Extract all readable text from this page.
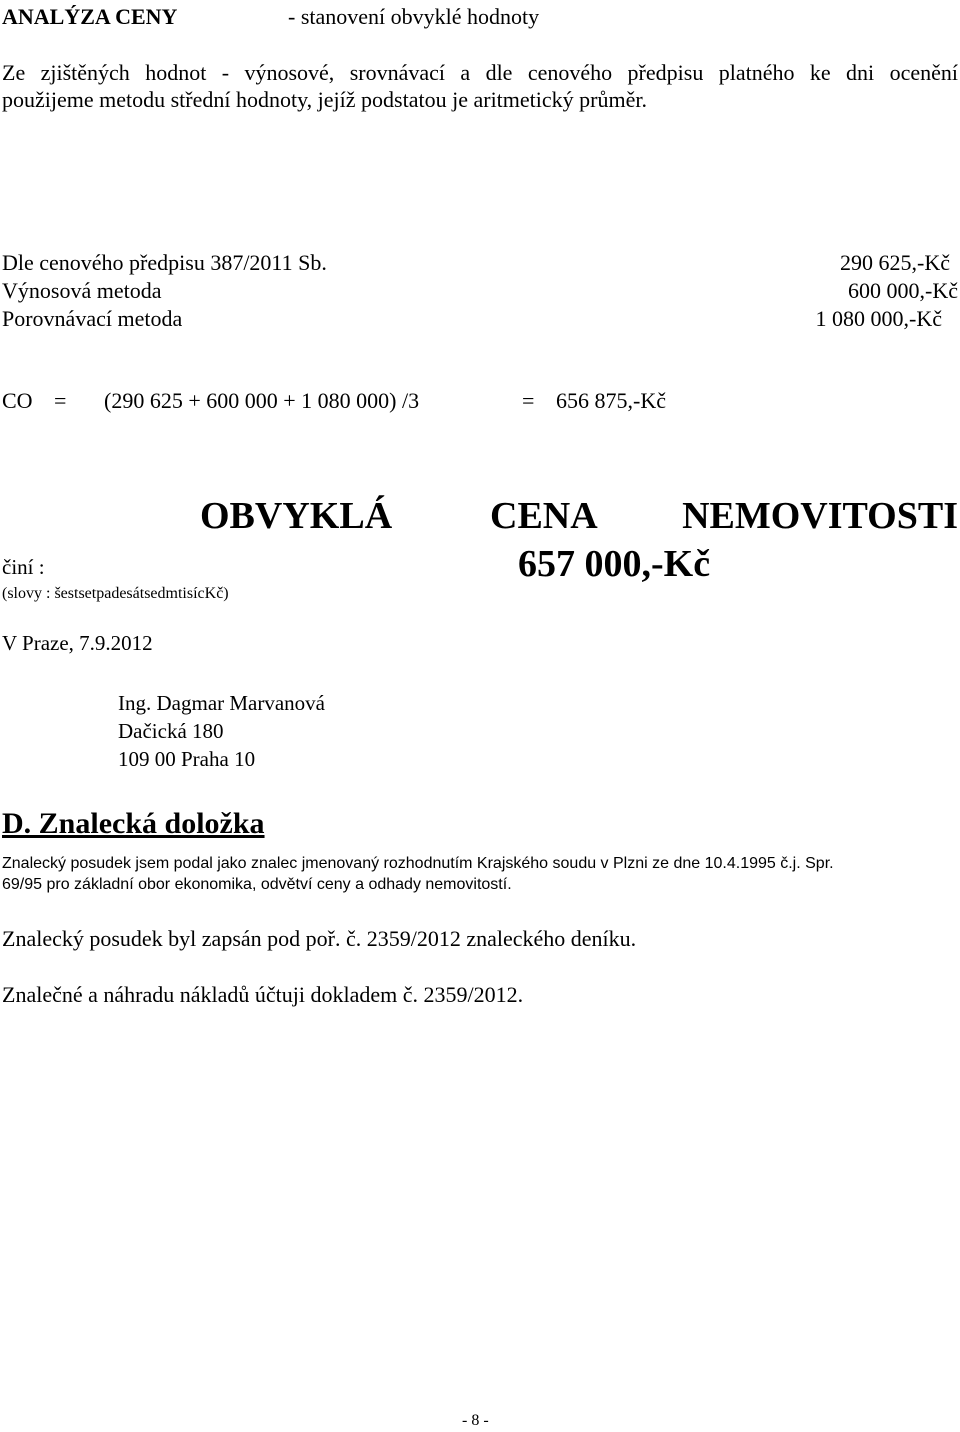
ANALÝZA CENY	- stanovení obvyklé hodnoty
Ze zjištěných hodnot - výnosové, srovnávací a dle cenového předpisu platného ke dni ocenění
použijeme metodu střední hodnoty, jejíž podstatou je aritmetický průměr.
Dle cenového předpisu 387/2011 Sb.	290 625,-Kč
Výnosová metoda	600 000,-Kč
Porovnávací metoda	1 080 000,-Kč
CO = (290 625 + 600 000 + 1 080 000) /3	= 656 875,-Kč
OBVYKLÁ	CENA NEMOVITOSTI
činí :	657 000,-Kč
(slovy : šestsetpadesátsedmtisícKč)
V Praze, 7.9.2012
Ing. Dagmar Marvanová
Dačická 180
109 00 Praha 10
D. Znalecká doložka
Znalecký posudek jsem podal jako znalec jmenovaný rozhodnutím Krajského soudu v Plzni ze dne 10.4.1995 č.j. Spr.
69/95 pro základní obor ekonomika, odvětví ceny a odhady nemovitostí.
Znalecký posudek byl zapsán pod poř. č. 2359/2012 znaleckého deníku.
Znalečné a náhradu nákladů účtuji dokladem č. 2359/2012.
- 8 -
